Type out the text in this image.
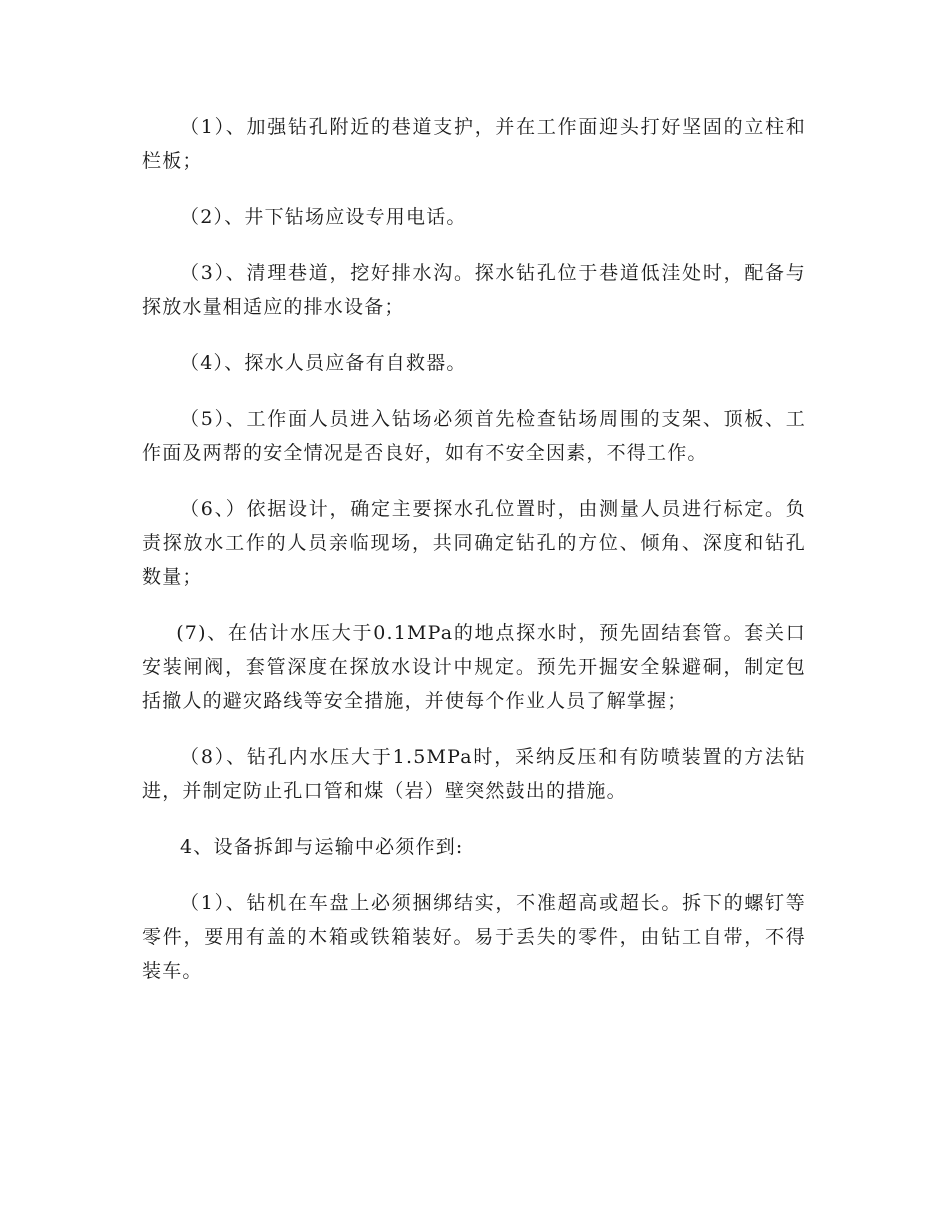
（1）、加强钻孔附近的巷道支护，并在工作面迎头打好坚固的立柱和栏板；

（2）、井下钻场应设专用电话。

（3）、清理巷道，挖好排水沟。探水钻孔位于巷道低洼处时，配备与探放水量相适应的排水设备；

（4）、探水人员应备有自救器。

（5）、工作面人员进入钻场必须首先检查钻场周围的支架、顶板、工作面及两帮的安全情况是否良好，如有不安全因素，不得工作。

（6、）依据设计，确定主要探水孔位置时，由测量人员进行标定。负责探放水工作的人员亲临现场，共同确定钻孔的方位、倾角、深度和钻孔数量；

(7)、在估计水压大于0.1MPa的地点探水时，预先固结套管。套关口安装闸阀，套管深度在探放水设计中规定。预先开掘安全躲避硐，制定包括撤人的避灾路线等安全措施，并使每个作业人员了解掌握；

（8）、钻孔内水压大于1.5MPa时，采纳反压和有防喷装置的方法钻进，并制定防止孔口管和煤（岩）壁突然鼓出的措施。

4、设备拆卸与运输中必须作到:

（1）、钻机在车盘上必须捆绑结实，不准超高或超长。拆下的螺钉等零件，要用有盖的木箱或铁箱装好。易于丢失的零件，由钻工自带，不得装车。
